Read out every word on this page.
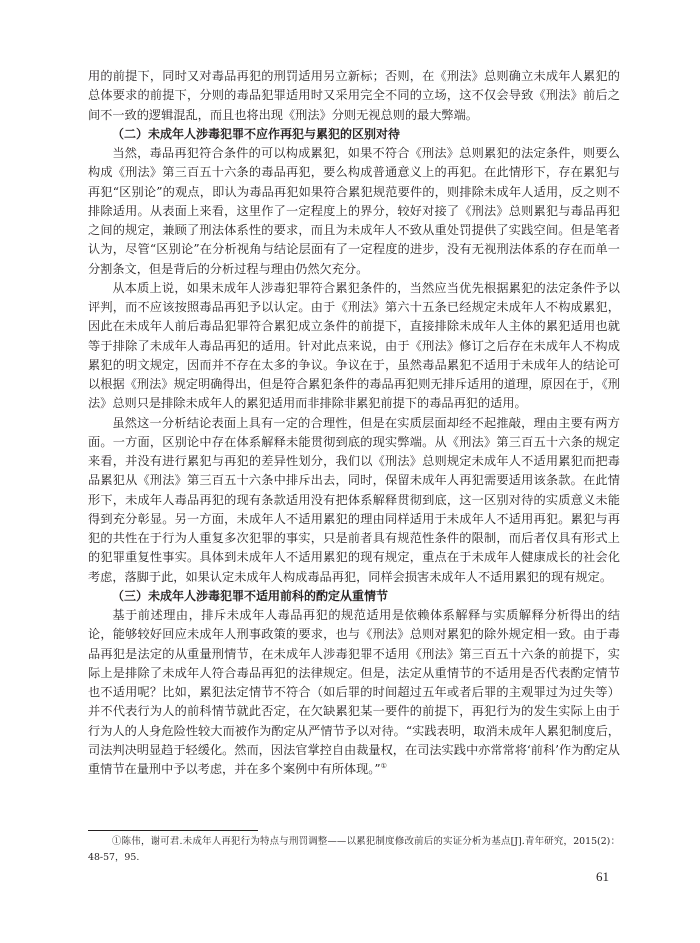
用的前提下，同时又对毒品再犯的刑罚适用另立新标；否则，在《刑法》总则确立未成年人累犯的总体要求的前提下，分则的毒品犯罪适用时又采用完全不同的立场，这不仅会导致《刑法》前后之间不一致的逻辑混乱，而且也将出现《刑法》分则无视总则的最大弊端。

（二）未成年人涉毒犯罪不应作再犯与累犯的区别对待

当然，毒品再犯符合条件的可以构成累犯，如果不符合《刑法》总则累犯的法定条件，则要么构成《刑法》第三百五十六条的毒品再犯，要么构成普通意义上的再犯。在此情形下，存在累犯与再犯“区别论”的观点，即认为毒品再犯如果符合累犯规范要件的，则排除未成年人适用，反之则不排除适用。从表面上来看，这里作了一定程度上的界分，较好对接了《刑法》总则累犯与毒品再犯之间的规定，兼顾了刑法体系性的要求，而且为未成年人不致从重处罚提供了实践空间。但是笔者认为，尽管“区别论”在分析视角与结论层面有了一定程度的进步，没有无视刑法体系的存在而单一分割条文，但是背后的分析过程与理由仍然欠充分。

从本质上说，如果未成年人涉毒犯罪符合累犯条件的，当然应当优先根据累犯的法定条件予以评判，而不应该按照毒品再犯予以认定。由于《刑法》第六十五条已经规定未成年人不构成累犯，因此在未成年人前后毒品犯罪符合累犯成立条件的前提下，直接排除未成年人主体的累犯适用也就等于排除了未成年人毒品再犯的适用。针对此点来说，由于《刑法》修订之后存在未成年人不构成累犯的明文规定，因而并不存在太多的争议。争议在于，虽然毒品累犯不适用于未成年人的结论可以根据《刑法》规定明确得出，但是符合累犯条件的毒品再犯则无排斥适用的道理，原因在于，《刑法》总则只是排除未成年人的累犯适用而非排除非累犯前提下的毒品再犯的适用。

虽然这一分析结论表面上具有一定的合理性，但是在实质层面却经不起推敲，理由主要有两方面。一方面，区别论中存在体系解释未能贯彻到底的现实弊端。从《刑法》第三百五十六条的规定来看，并没有进行累犯与再犯的差异性划分，我们以《刑法》总则规定未成年人不适用累犯而把毒品累犯从《刑法》第三百五十六条中排斥出去，同时，保留未成年人再犯需要适用该条款。在此情形下，未成年人毒品再犯的现有条款适用没有把体系解释贯彻到底，这一区别对待的实质意义未能得到充分彰显。另一方面，未成年人不适用累犯的理由同样适用于未成年人不适用再犯。累犯与再犯的共性在于行为人重复多次犯罪的事实，只是前者具有规范性条件的限制，而后者仅具有形式上的犯罪重复性事实。具体到未成年人不适用累犯的现有规定，重点在于未成年人健康成长的社会化考虑，落脚于此，如果认定未成年人构成毒品再犯，同样会损害未成年人不适用累犯的现有规定。

（三）未成年人涉毒犯罪不适用前科的酌定从重情节

基于前述理由，排斥未成年人毒品再犯的规范适用是依赖体系解释与实质解释分析得出的结论，能够较好回应未成年人刑事政策的要求，也与《刑法》总则对累犯的除外规定相一致。由于毒品再犯是法定的从重量刑情节，在未成年人涉毒犯罪不适用《刑法》第三百五十六条的前提下，实际上是排除了未成年人符合毒品再犯的法律规定。但是，法定从重情节的不适用是否代表酌定情节也不适用呢？比如，累犯法定情节不符合（如后罪的时间超过五年或者后罪的主观罪过为过失等）并不代表行为人的前科情节就此否定，在欠缺累犯某一要件的前提下，再犯行为的发生实际上由于行为人的人身危险性较大而被作为酌定从严情节予以对待。“实践表明，取消未成年人累犯制度后，司法判决明显趋于轻缓化。然而，因法官掌控自由裁量权，在司法实践中亦常常将‘前科’作为酌定从重情节在量刑中予以考虑，并在多个案例中有所体现。”①

①陈伟，谢可君.未成年人再犯行为特点与刑罚调整——以累犯制度修改前后的实证分析为基点[J].青年研究，2015(2)：48-57，95.

61
